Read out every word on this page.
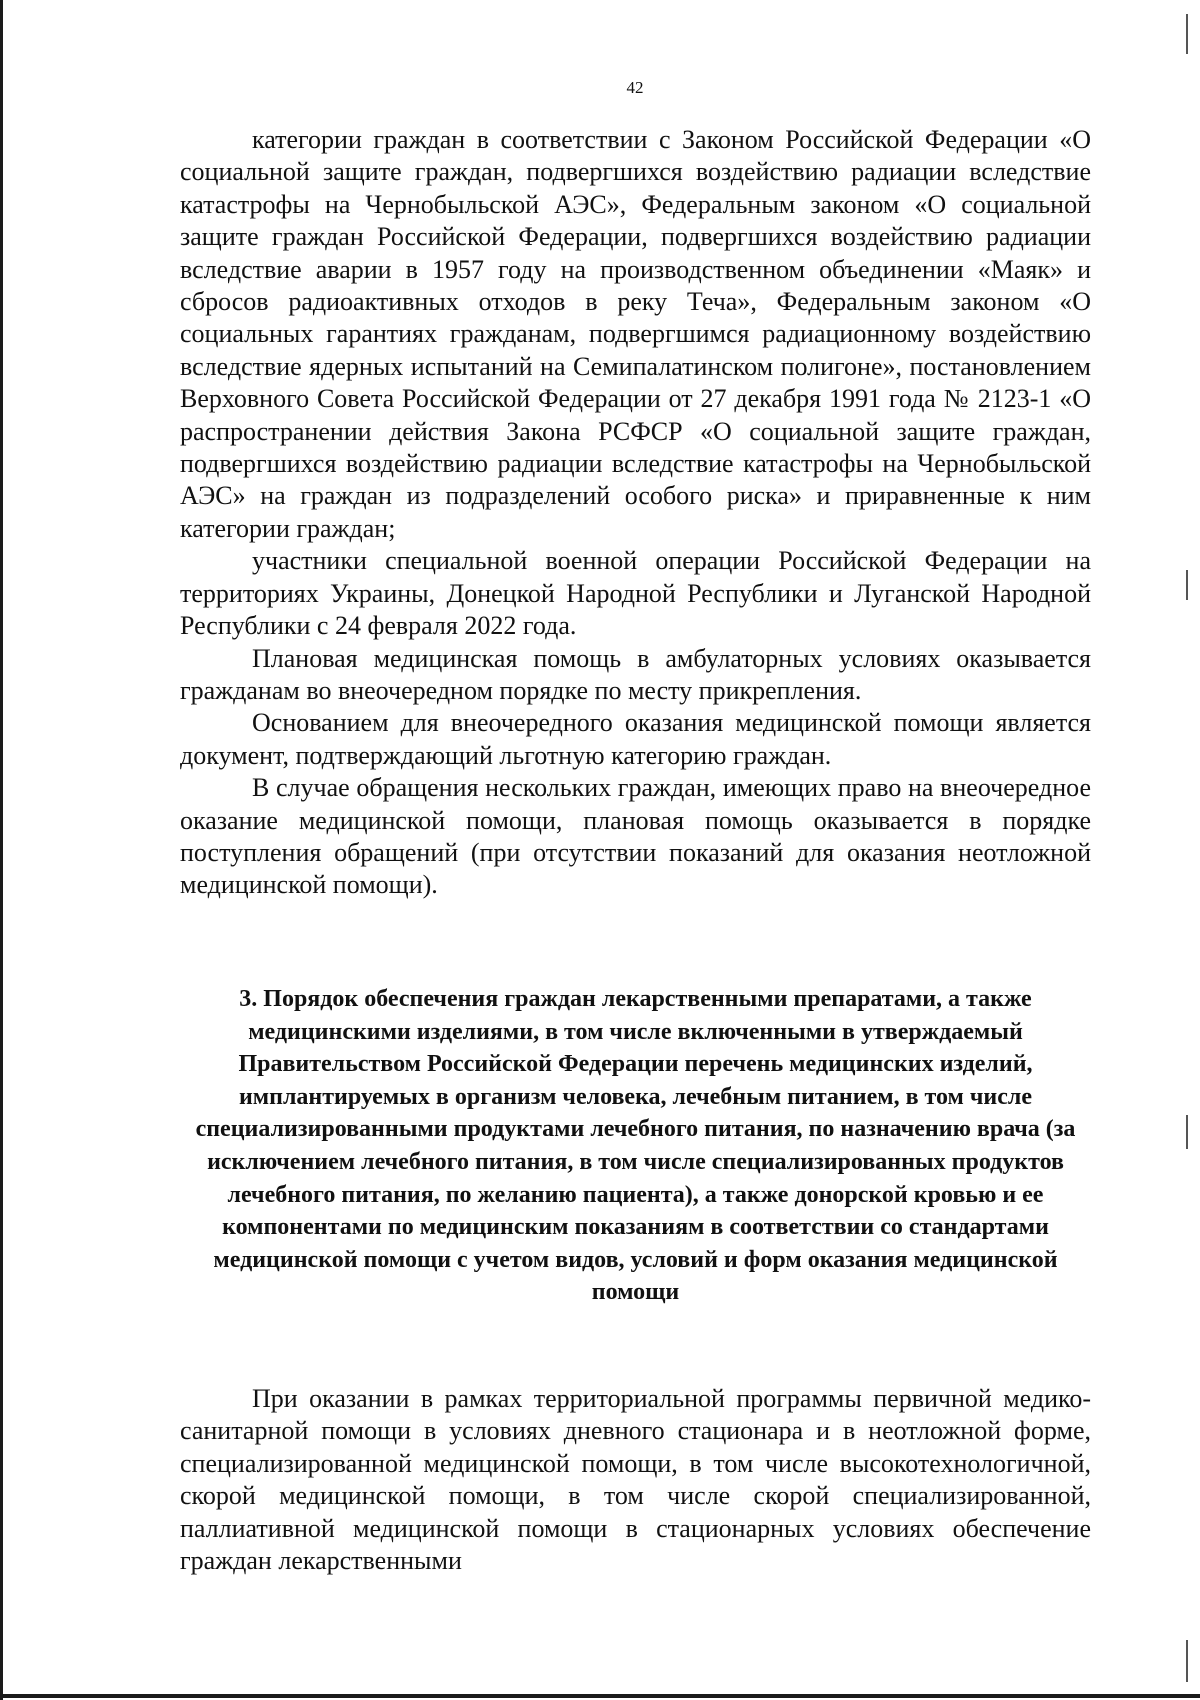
42

категории граждан в соответствии с Законом Российской Федерации «О социальной защите граждан, подвергшихся воздействию радиации вследствие катастрофы на Чернобыльской АЭС», Федеральным законом «О социальной защите граждан Российской Федерации, подвергшихся воздействию радиации вследствие аварии в 1957 году на производственном объединении «Маяк» и сбросов радиоактивных отходов в реку Теча», Федеральным законом «О социальных гарантиях гражданам, подвергшимся радиационному воздействию вследствие ядерных испытаний на Семипалатинском полигоне», постановлением Верховного Совета Российской Федерации от 27 декабря 1991 года № 2123-1 «О распространении действия Закона РСФСР «О социальной защите граждан, подвергшихся воздействию радиации вследствие катастрофы на Чернобыльской АЭС» на граждан из подразделений особого риска» и приравненные к ним категории граждан;

участники специальной военной операции Российской Федерации на территориях Украины, Донецкой Народной Республики и Луганской Народной Республики с 24 февраля 2022 года.

Плановая медицинская помощь в амбулаторных условиях оказывается гражданам во внеочередном порядке по месту прикрепления.

Основанием для внеочередного оказания медицинской помощи является документ, подтверждающий льготную категорию граждан.

В случае обращения нескольких граждан, имеющих право на внеочередное оказание медицинской помощи, плановая помощь оказывается в порядке поступления обращений (при отсутствии показаний для оказания неотложной медицинской помощи).

3. Порядок обеспечения граждан лекарственными препаратами, а также медицинскими изделиями, в том числе включенными в утверждаемый Правительством Российской Федерации перечень медицинских изделий, имплантируемых в организм человека, лечебным питанием, в том числе специализированными продуктами лечебного питания, по назначению врача (за исключением лечебного питания, в том числе специализированных продуктов лечебного питания, по желанию пациента), а также донорской кровью и ее компонентами по медицинским показаниям в соответствии со стандартами медицинской помощи с учетом видов, условий и форм оказания медицинской помощи

При оказании в рамках территориальной программы первичной медико-санитарной помощи в условиях дневного стационара и в неотложной форме, специализированной медицинской помощи, в том числе высокотехнологичной, скорой медицинской помощи, в том числе скорой специализированной, паллиативной медицинской помощи в стационарных условиях обеспечение граждан лекарственными
